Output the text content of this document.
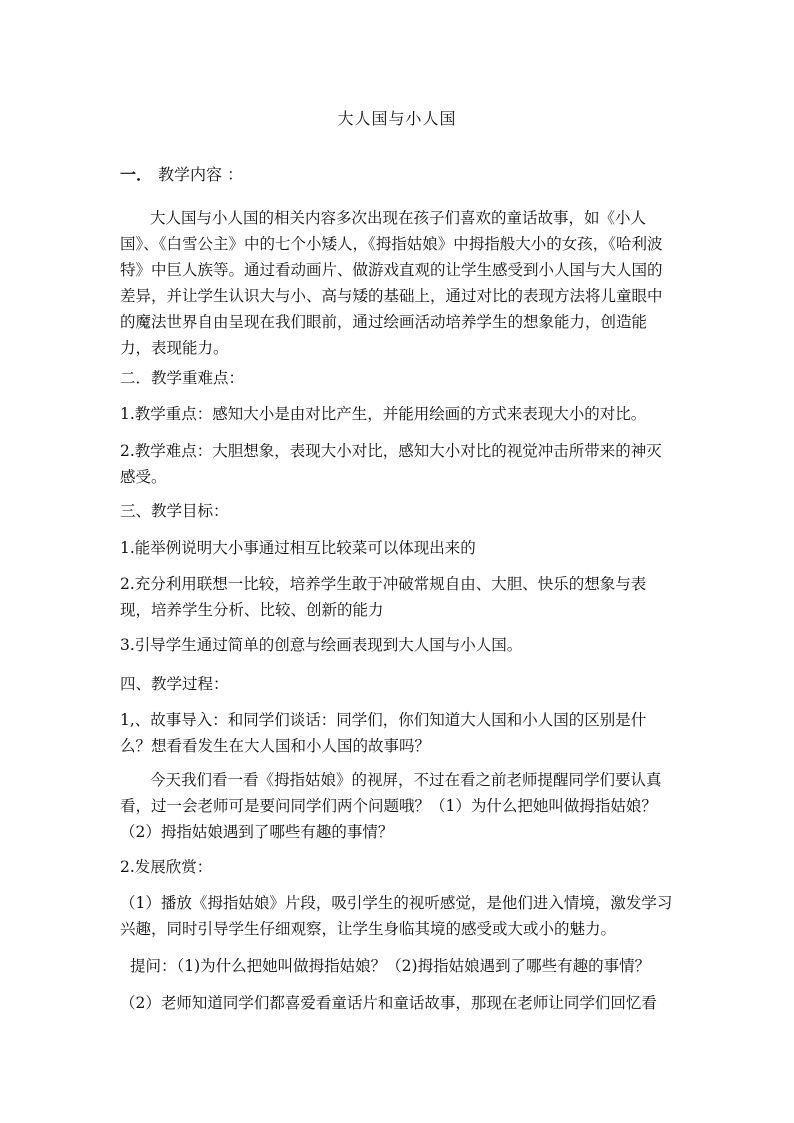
大人国与小人国
一． 教学内容 ：
大人国与小人国的相关内容多次出现在孩子们喜欢的童话故事，如《小人国》、《白雪公主》中的七个小矮人，《拇指姑娘》中拇指般大小的女孩，《哈利波特》中巨人族等。通过看动画片、做游戏直观的让学生感受到小人国与大人国的差异，并让学生认识大与小、高与矮的基础上，通过对比的表现方法将儿童眼中的魔法世界自由呈现在我们眼前，通过绘画活动培养学生的想象能力，创造能力，表现能力。
二．教学重难点：
1.教学重点：感知大小是由对比产生，并能用绘画的方式来表现大小的对比。
2.教学难点：大胆想象，表现大小对比，感知大小对比的视觉冲击所带来的神灭感受。
三、教学目标：
1.能举例说明大小事通过相互比较菜可以体现出来的
2.充分利用联想一比较，培养学生敢于冲破常规自由、大胆、快乐的想象与表现，培养学生分析、比较、创新的能力
3.引导学生通过简单的创意与绘画表现到大人国与小人国。
四、教学过程：
1,、故事导入：和同学们谈话：同学们，你们知道大人国和小人国的区别是什么？想看看发生在大人国和小人国的故事吗？
今天我们看一看《拇指姑娘》的视屏，不过在看之前老师提醒同学们要认真看，过一会老师可是要问同学们两个问题哦？（1）为什么把她叫做拇指姑娘？（2）拇指姑娘遇到了哪些有趣的事情？
2.发展欣赏：
（1）播放《拇指姑娘》片段，吸引学生的视听感觉，是他们进入情境，激发学习兴趣，同时引导学生仔细观察，让学生身临其境的感受或大或小的魅力。
提问：（1)为什么把她叫做拇指姑娘？（2)拇指姑娘遇到了哪些有趣的事情？
（2）老师知道同学们都喜爱看童话片和童话故事，那现在老师让同学们回忆看
